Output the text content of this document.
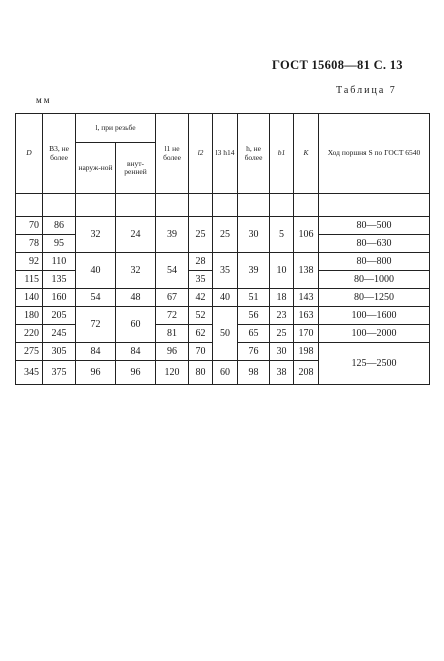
ГОСТ 15608—81 С. 13
Таблица 7
мм
D	B3, не более	l, при резьбе		l1 не более	l2	l3 h14	h, не более	b1	K	Ход поршня S по ГОСТ 6540
		наруж-ной	внут-ренней							

70	86	32	24	39	25	25	30	5	106	80—500
78	95									80—630
92	110	40	32	54	28	35	39	10	138	80—800
115	135				35					80—1000
140	160	54	48	67	42	40	51	18	143	80—1250
180	205	72	60	72	52	50	56	23	163	100—1600
220	245			81	62		65	25	170	100—2000
275	305	84	84	96	70		76	30	198	125—2500
345	375	96	96	120	80	60	98	38	208	
